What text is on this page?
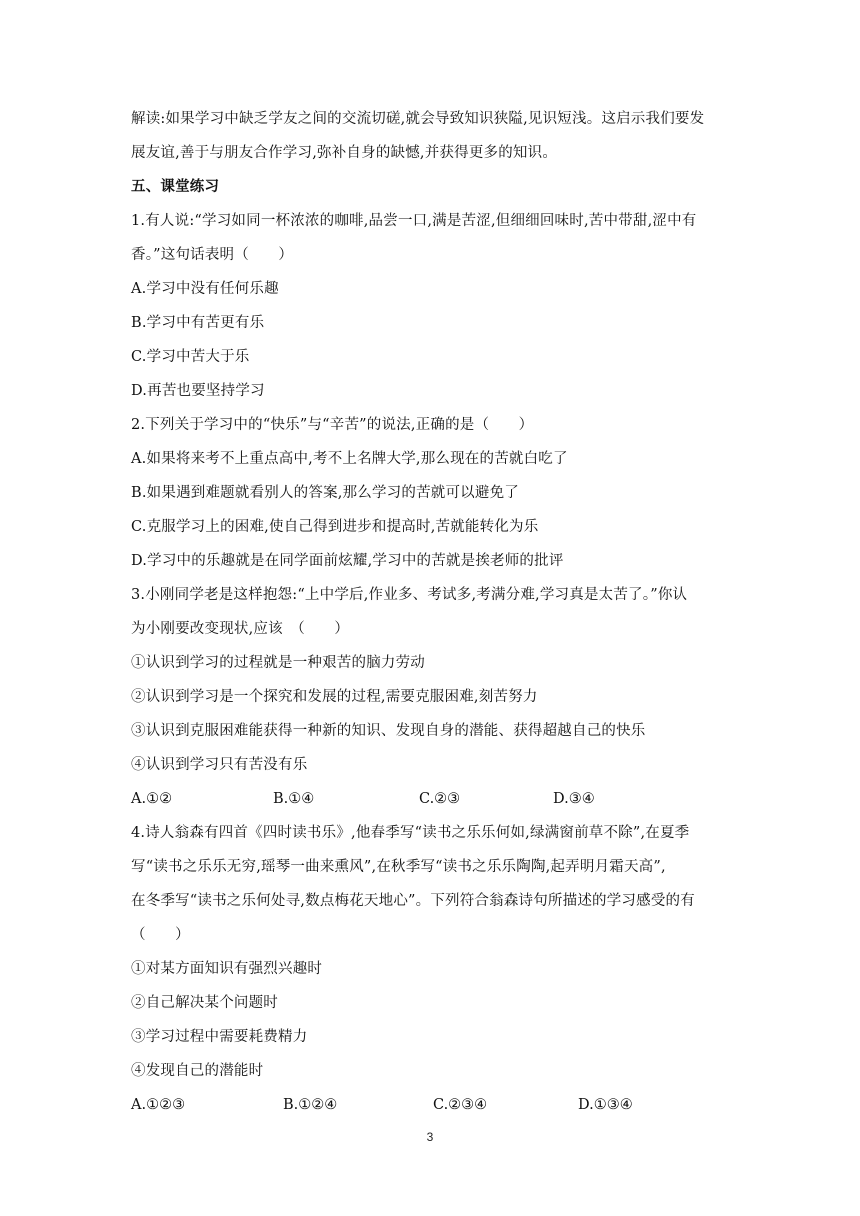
解读:如果学习中缺乏学友之间的交流切磋,就会导致知识狭隘,见识短浅。这启示我们要发
展友谊,善于与朋友合作学习,弥补自身的缺憾,并获得更多的知识。
五、课堂练习
1.有人说:“学习如同一杯浓浓的咖啡,品尝一口,满是苦涩,但细细回味时,苦中带甜,涩中有
香。”这句话表明（　　）
A.学习中没有任何乐趣
B.学习中有苦更有乐
C.学习中苦大于乐
D.再苦也要坚持学习
2.下列关于学习中的“快乐”与“辛苦”的说法,正确的是（　　）
A.如果将来考不上重点高中,考不上名牌大学,那么现在的苦就白吃了
B.如果遇到难题就看别人的答案,那么学习的苦就可以避免了
C.克服学习上的困难,使自己得到进步和提高时,苦就能转化为乐
D.学习中的乐趣就是在同学面前炫耀,学习中的苦就是挨老师的批评
3.小刚同学老是这样抱怨:“上中学后,作业多、考试多,考满分难,学习真是太苦了。”你认
为小刚要改变现状,应该　（　　）
①认识到学习的过程就是一种艰苦的脑力劳动
②认识到学习是一个探究和发展的过程,需要克服困难,刻苦努力
③认识到克服困难能获得一种新的知识、发现自身的潜能、获得超越自己的快乐
④认识到学习只有苦没有乐
A.①②	B.①④	C.②③	D.③④
4.诗人翁森有四首《四时读书乐》,他春季写“读书之乐乐何如,绿满窗前草不除”,在夏季
写“读书之乐乐无穷,瑶琴一曲来熏风”,在秋季写“读书之乐乐陶陶,起弄明月霜天高”,
在冬季写“读书之乐何处寻,数点梅花天地心”。下列符合翁森诗句所描述的学习感受的有
（　　）
①对某方面知识有强烈兴趣时
②自己解决某个问题时
③学习过程中需要耗费精力
④发现自己的潜能时
A.①②③	B.①②④	C.②③④	D.①③④
3
